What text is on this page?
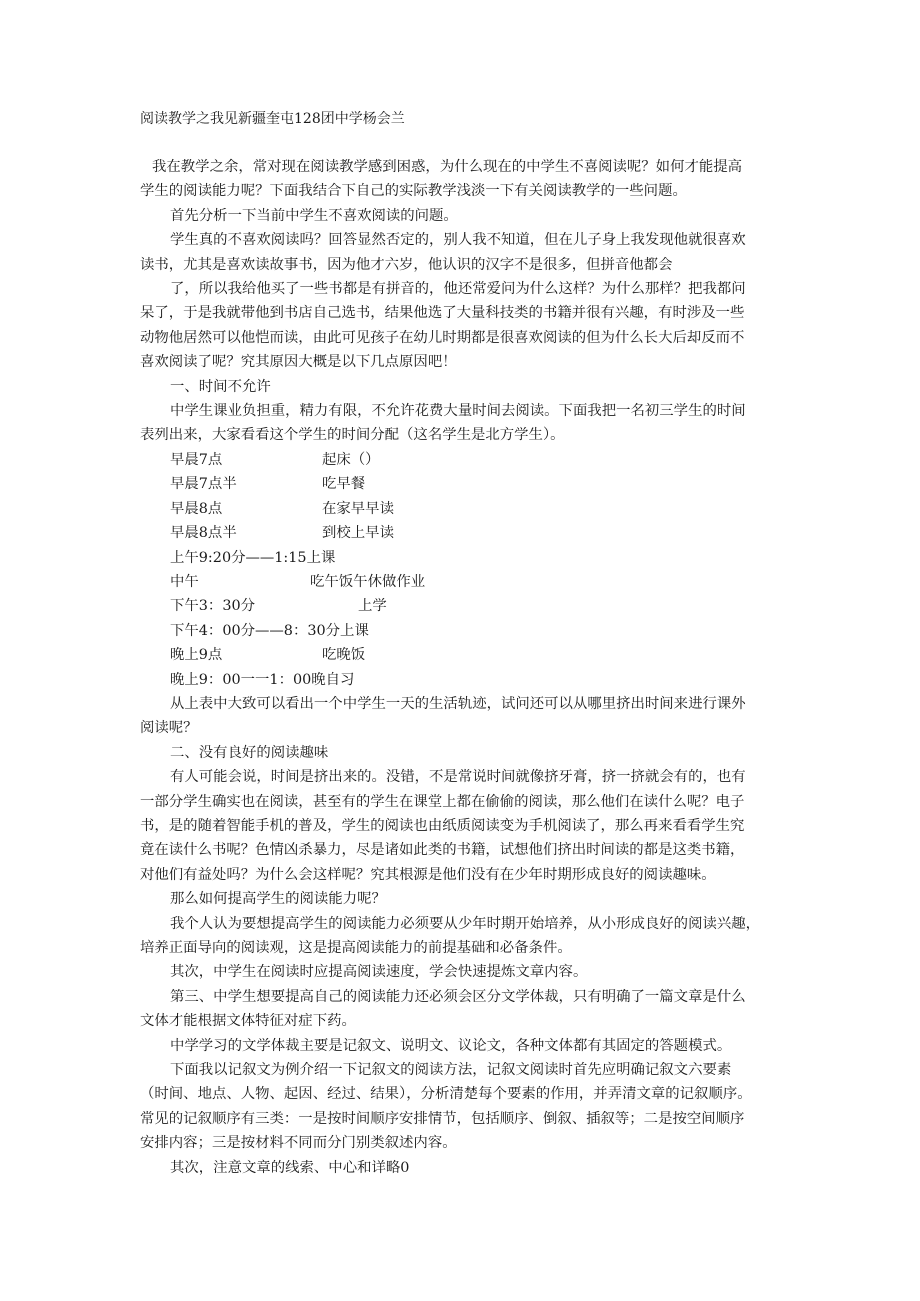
阅读教学之我见新疆奎屯128团中学杨会兰

我在教学之余，常对现在阅读教学感到困惑，为什么现在的中学生不喜阅读呢？如何才能提高

学生的阅读能力呢？下面我结合下自己的实际教学浅淡一下有关阅读教学的一些问题。

首先分析一下当前中学生不喜欢阅读的问题。

学生真的不喜欢阅读吗？回答显然否定的，别人我不知道，但在儿子身上我发现他就很喜欢

读书，尤其是喜欢读故事书，因为他才六岁，他认识的汉字不是很多，但拼音他都会

了，所以我给他买了一些书都是有拼音的，他还常爱问为什么这样？为什么那样？把我都问

呆了，于是我就带他到书店自己选书，结果他选了大量科技类的书籍并很有兴趣，有时涉及一些

动物他居然可以他恺而读，由此可见孩子在幼儿时期都是很喜欢阅读的但为什么长大后却反而不

喜欢阅读了呢？究其原因大概是以下几点原因吧！

一、时间不允许

中学生课业负担重，精力有限，不允许花费大量时间去阅读。下面我把一名初三学生的时间

表列出来，大家看看这个学生的时间分配（这名学生是北方学生）。

早晨7点	起床（）
早晨7点半	吃早餐
早晨8点	在家早早读
早晨8点半	到校上早读
上午9:20分——1:15上课
中午	吃午饭午休做作业
下午3：30分	上学
下午4：00分——8：30分上课
晚上9点	吃晚饭
晚上9：00一一1：00晚自习

从上表中大致可以看出一个中学生一天的生活轨迹，试问还可以从哪里挤出时间来进行课外

阅读呢？

二、没有良好的阅读趣味

有人可能会说，时间是挤出来的。没错，不是常说时间就像挤牙膏，挤一挤就会有的，也有

一部分学生确实也在阅读，甚至有的学生在课堂上都在偷偷的阅读，那么他们在读什么呢？电子

书，是的随着智能手机的普及，学生的阅读也由纸质阅读变为手机阅读了，那么再来看看学生究

竟在读什么书呢？色情凶杀暴力，尽是诸如此类的书籍，试想他们挤出时间读的都是这类书籍，

对他们有益处吗？为什么会这样呢？究其根源是他们没有在少年时期形成良好的阅读趣味。

那么如何提高学生的阅读能力呢？

我个人认为要想提高学生的阅读能力必须要从少年时期开始培养，从小形成良好的阅读兴趣，

培养正面导向的阅读观，这是提高阅读能力的前提基础和必备条件。

其次，中学生在阅读时应提高阅读速度，学会快速提炼文章内容。

第三、中学生想要提高自己的阅读能力还必须会区分文学体裁，只有明确了一篇文章是什么

文体才能根据文体特征对症下药。

中学学习的文学体裁主要是记叙文、说明文、议论文，各种文体都有其固定的答题模式。

下面我以记叙文为例介绍一下记叙文的阅读方法，记叙文阅读时首先应明确记叙文六要素

（时间、地点、人物、起因、经过、结果），分析清楚每个要素的作用，并弄清文章的记叙顺序。

常见的记叙顺序有三类：一是按时间顺序安排情节，包括顺序、倒叙、插叙等；二是按空间顺序

安排内容；三是按材料不同而分门别类叙述内容。

其次，注意文章的线索、中心和详略0
